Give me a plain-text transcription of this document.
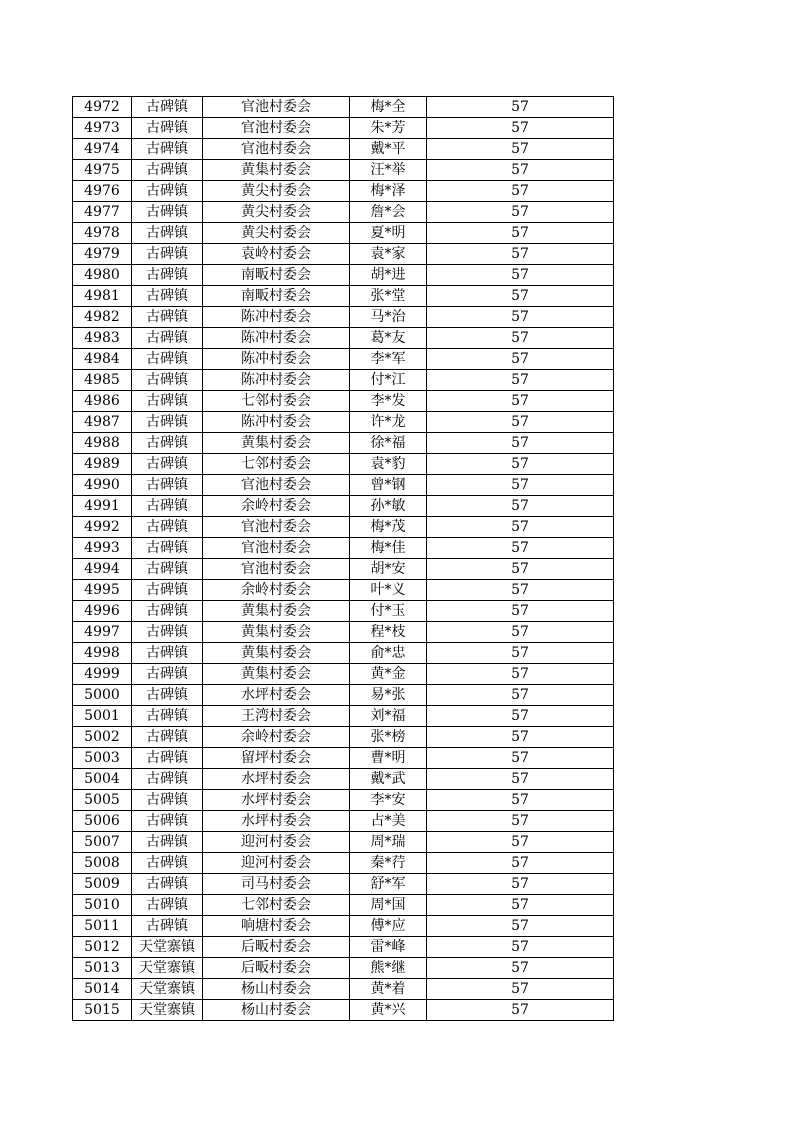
4972	古碑镇	官池村委会	梅*全	57
4973	古碑镇	官池村委会	朱*芳	57
4974	古碑镇	官池村委会	戴*平	57
4975	古碑镇	黄集村委会	汪*举	57
4976	古碑镇	黄尖村委会	梅*泽	57
4977	古碑镇	黄尖村委会	詹*会	57
4978	古碑镇	黄尖村委会	夏*明	57
4979	古碑镇	袁岭村委会	袁*家	57
4980	古碑镇	南畈村委会	胡*进	57
4981	古碑镇	南畈村委会	张*堂	57
4982	古碑镇	陈冲村委会	马*治	57
4983	古碑镇	陈冲村委会	葛*友	57
4984	古碑镇	陈冲村委会	李*军	57
4985	古碑镇	陈冲村委会	付*江	57
4986	古碑镇	七邻村委会	李*发	57
4987	古碑镇	陈冲村委会	许*龙	57
4988	古碑镇	黄集村委会	徐*福	57
4989	古碑镇	七邻村委会	袁*豹	57
4990	古碑镇	官池村委会	曾*钢	57
4991	古碑镇	余岭村委会	孙*敏	57
4992	古碑镇	官池村委会	梅*茂	57
4993	古碑镇	官池村委会	梅*佳	57
4994	古碑镇	官池村委会	胡*安	57
4995	古碑镇	余岭村委会	叶*义	57
4996	古碑镇	黄集村委会	付*玉	57
4997	古碑镇	黄集村委会	程*枝	57
4998	古碑镇	黄集村委会	俞*忠	57
4999	古碑镇	黄集村委会	黄*金	57
5000	古碑镇	水坪村委会	易*张	57
5001	古碑镇	王湾村委会	刘*福	57
5002	古碑镇	余岭村委会	张*榜	57
5003	古碑镇	留坪村委会	曹*明	57
5004	古碑镇	水坪村委会	戴*武	57
5005	古碑镇	水坪村委会	李*安	57
5006	古碑镇	水坪村委会	占*美	57
5007	古碑镇	迎河村委会	周*瑞	57
5008	古碑镇	迎河村委会	秦*荇	57
5009	古碑镇	司马村委会	舒*军	57
5010	古碑镇	七邻村委会	周*国	57
5011	古碑镇	响塘村委会	傅*应	57
5012	天堂寨镇	后畈村委会	雷*峰	57
5013	天堂寨镇	后畈村委会	熊*继	57
5014	天堂寨镇	杨山村委会	黄*着	57
5015	天堂寨镇	杨山村委会	黄*兴	57
